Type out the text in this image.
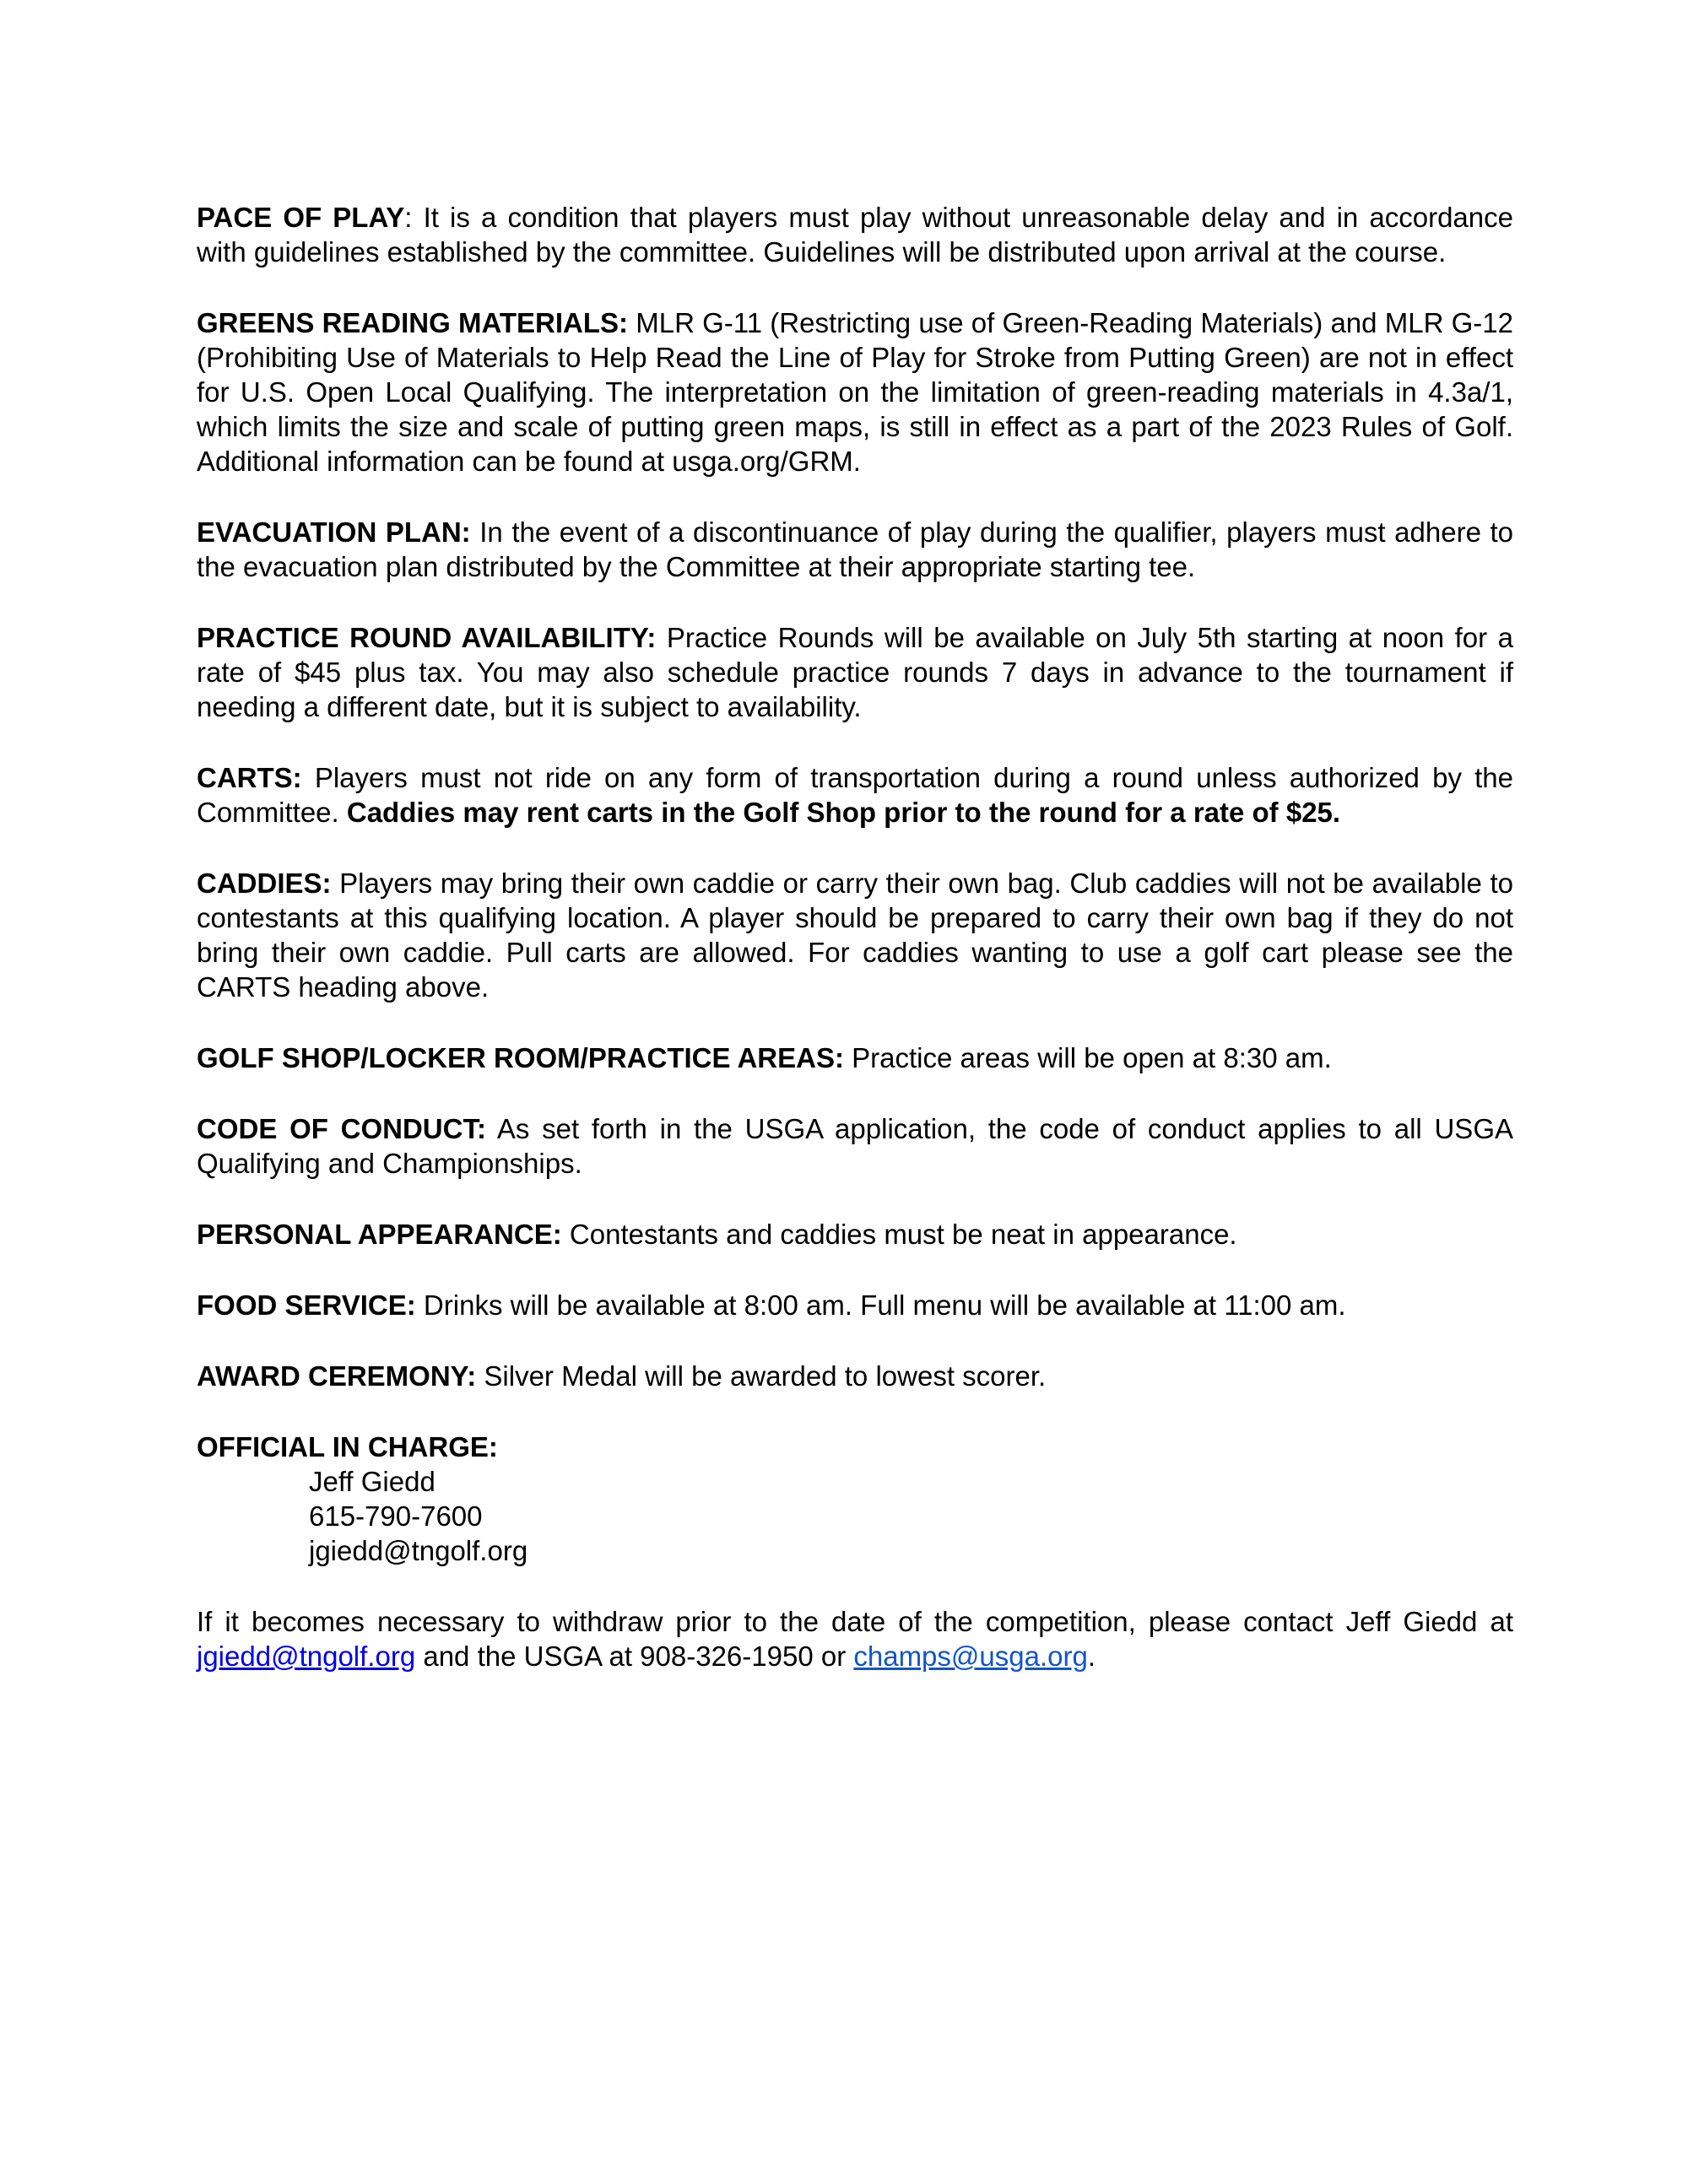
PACE OF PLAY: It is a condition that players must play without unreasonable delay and in accordance with guidelines established by the committee. Guidelines will be distributed upon arrival at the course.

GREENS READING MATERIALS: MLR G-11 (Restricting use of Green-Reading Materials) and MLR G-12 (Prohibiting Use of Materials to Help Read the Line of Play for Stroke from Putting Green) are not in effect for U.S. Open Local Qualifying. The interpretation on the limitation of green-reading materials in 4.3a/1, which limits the size and scale of putting green maps, is still in effect as a part of the 2023 Rules of Golf. Additional information can be found at usga.org/GRM.

EVACUATION PLAN: In the event of a discontinuance of play during the qualifier, players must adhere to the evacuation plan distributed by the Committee at their appropriate starting tee.

PRACTICE ROUND AVAILABILITY: Practice Rounds will be available on July 5th starting at noon for a rate of $45 plus tax. You may also schedule practice rounds 7 days in advance to the tournament if needing a different date, but it is subject to availability.

CARTS: Players must not ride on any form of transportation during a round unless authorized by the Committee. Caddies may rent carts in the Golf Shop prior to the round for a rate of $25.

CADDIES: Players may bring their own caddie or carry their own bag. Club caddies will not be available to contestants at this qualifying location. A player should be prepared to carry their own bag if they do not bring their own caddie. Pull carts are allowed. For caddies wanting to use a golf cart please see the CARTS heading above.

GOLF SHOP/LOCKER ROOM/PRACTICE AREAS: Practice areas will be open at 8:30 am.

CODE OF CONDUCT: As set forth in the USGA application, the code of conduct applies to all USGA Qualifying and Championships.

PERSONAL APPEARANCE: Contestants and caddies must be neat in appearance.

FOOD SERVICE: Drinks will be available at 8:00 am. Full menu will be available at 11:00 am.

AWARD CEREMONY: Silver Medal will be awarded to lowest scorer.

OFFICIAL IN CHARGE:

Jeff Giedd

615-790-7600

jgiedd@tngolf.org

If it becomes necessary to withdraw prior to the date of the competition, please contact Jeff Giedd at jgiedd@tngolf.org and the USGA at 908-326-1950 or champs@usga.org.
